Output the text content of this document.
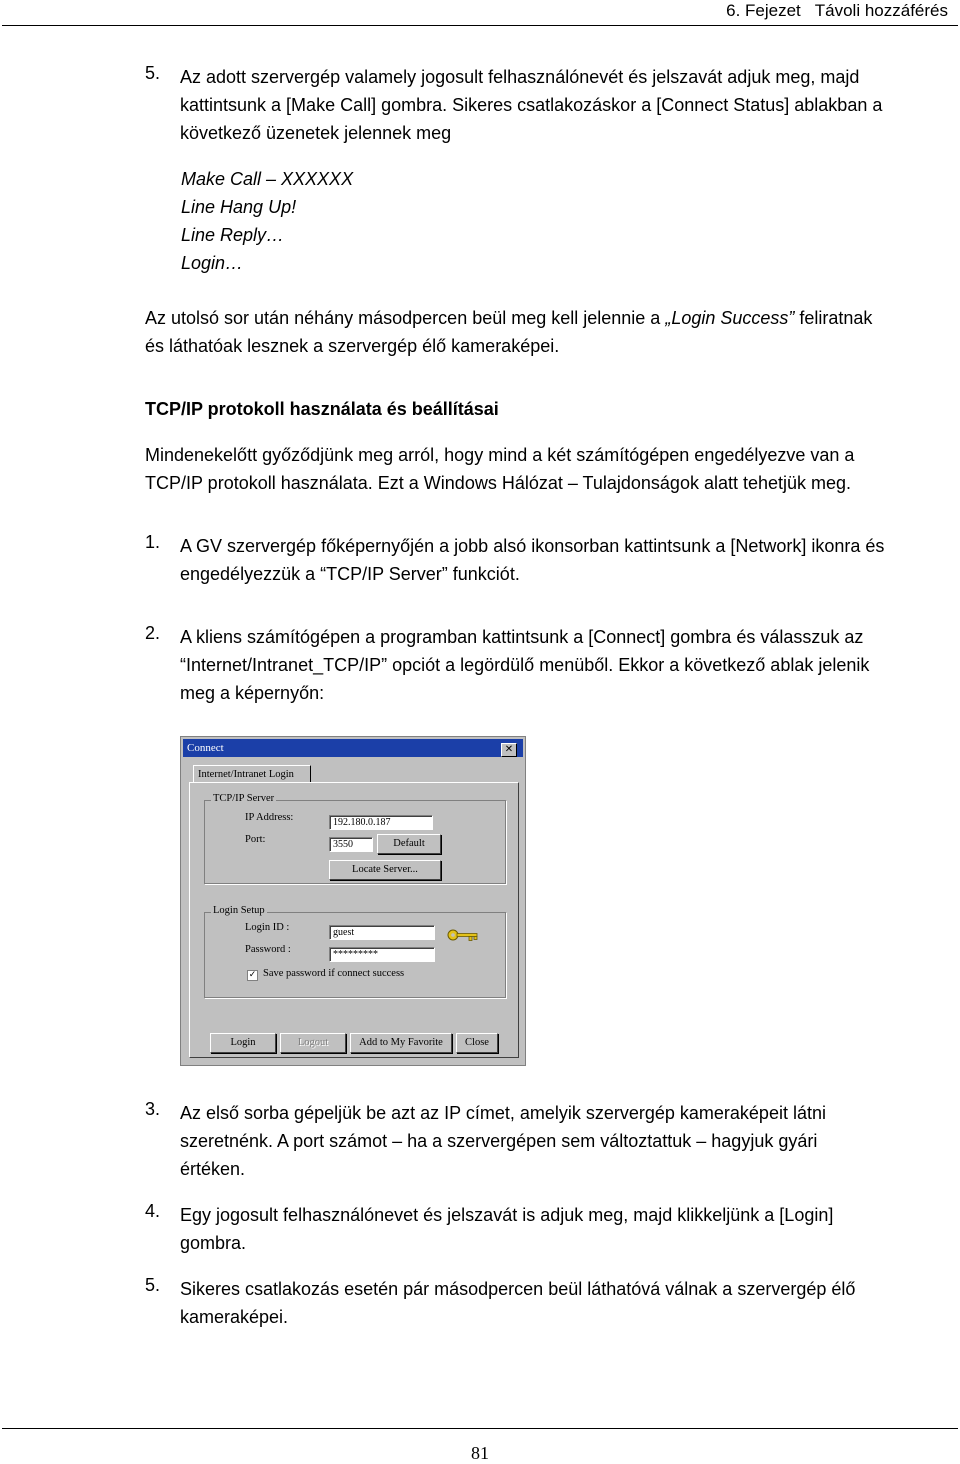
6. Fejezet Távoli hozzáférés
5.	Az adott szervergép valamely jogosult felhasználónevét és jelszavát adjuk meg, majd
kattintsunk a [Make Call] gombra. Sikeres csatlakozáskor a [Connect Status] ablakban a
következő üzenetek jelennek meg
Make Call – XXXXXX
Line Hang Up!
Line Reply…
Login…
Az utolsó sor után néhány másodpercen beül meg kell jelennie a „Login Success” feliratnak
és láthatóak lesznek a szervergép élő kameraképei.
TCP/IP protokoll használata és beállításai
Mindenekelőtt győződjünk meg arról, hogy mind a két számítógépen engedélyezve van a
TCP/IP protokoll használata. Ezt a Windows Hálózat – Tulajdonságok alatt tehetjük meg.
1.	A GV szervergép főképernyőjén a jobb alsó ikonsorban kattintsunk a [Network] ikonra és
engedélyezzük a “TCP/IP Server” funkciót.
2.	A kliens számítógépen a programban kattintsunk a [Connect] gombra és válasszuk az
“Internet/Intranet_TCP/IP” opciót a legördülő menüből. Ekkor a következő ablak jelenik
meg a képernyőn:
Connect	✕
Internet/Intranet Login
TCP/IP Server
IP Address:	192.180.0.187
Port:	3550	Default
Locate Server...
Login Setup
Login ID :	guest
Password :	*********
✓ Save password if connect success
Login	Logout	Add to My Favorite	Close
3.	Az első sorba gépeljük be azt az IP címet, amelyik szervergép kameraképeit látni
szeretnénk. A port számot – ha a szervergépen sem változtattuk – hagyjuk gyári
értéken.
4.	Egy jogosult felhasználónevet és jelszavát is adjuk meg, majd klikkeljünk a [Login]
gombra.
5.	Sikeres csatlakozás esetén pár másodpercen beül láthatóvá válnak a szervergép élő
kameraképei.
81
